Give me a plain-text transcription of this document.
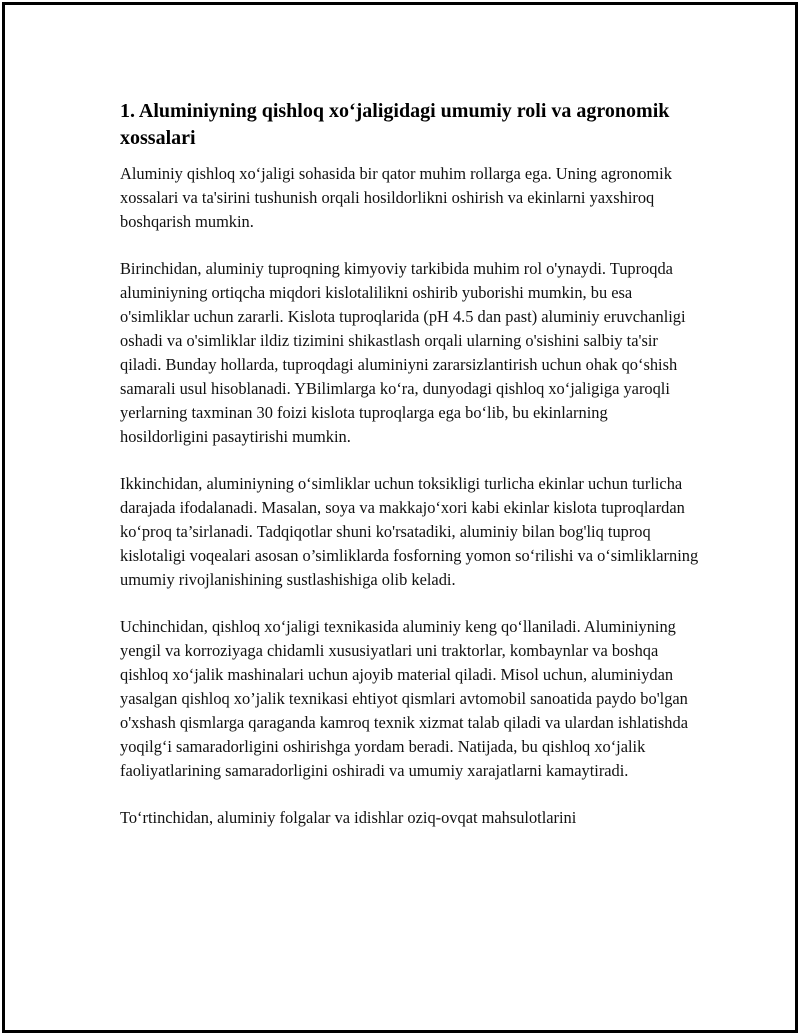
1. Aluminiyning qishloq xo‘jaligidagi umumiy roli va agronomik xossalari

Aluminiy qishloq xo‘jaligi sohasida bir qator muhim rollarga ega. Uning agronomik xossalari va ta'sirini tushunish orqali hosildorlikni oshirish va ekinlarni yaxshiroq boshqarish mumkin.

Birinchidan, aluminiy tuproqning kimyoviy tarkibida muhim rol o'ynaydi. Tuproqda aluminiyning ortiqcha miqdori kislotalilikni oshirib yuborishi mumkin, bu esa o'simliklar uchun zararli. Kislota tuproqlarida (pH 4.5 dan past) aluminiy eruvchanligi oshadi va o'simliklar ildiz tizimini shikastlash orqali ularning o'sishini salbiy ta'sir qiladi. Bunday hollarda, tuproqdagi aluminiyni zararsizlantirish uchun ohak qo‘shish samarali usul hisoblanadi. YBilimlarga ko‘ra, dunyodagi qishloq xo‘jaligiga yaroqli yerlarning taxminan 30 foizi kislota tuproqlarga ega bo‘lib, bu ekinlarning hosildorligini pasaytirishi mumkin.

Ikkinchidan, aluminiyning o‘simliklar uchun toksikligi turlicha ekinlar uchun turlicha darajada ifodalanadi. Masalan, soya va makkajo‘xori kabi ekinlar kislota tuproqlardan ko‘proq ta’sirlanadi. Tadqiqotlar shuni ko'rsatadiki, aluminiy bilan bog'liq tuproq kislotaligi voqealari asosan o’simliklarda fosforning yomon so‘rilishi va o‘simliklarning umumiy rivojlanishining sustlashishiga olib keladi.

Uchinchidan, qishloq xo‘jaligi texnikasida aluminiy keng qo‘llaniladi. Aluminiyning yengil va korroziyaga chidamli xususiyatlari uni traktorlar, kombaynlar va boshqa qishloq xo‘jalik mashinalari uchun ajoyib material qiladi. Misol uchun, aluminiydan yasalgan qishloq xo’jalik texnikasi ehtiyot qismlari avtomobil sanoatida paydo bo'lgan o'xshash qismlarga qaraganda kamroq texnik xizmat talab qiladi va ulardan ishlatishda yoqilg‘i samaradorligini oshirishga yordam beradi. Natijada, bu qishloq xo‘jalik faoliyatlarining samaradorligini oshiradi va umumiy xarajatlarni kamaytiradi.

To‘rtinchidan, aluminiy folgalar va idishlar oziq-ovqat mahsulotlarini
